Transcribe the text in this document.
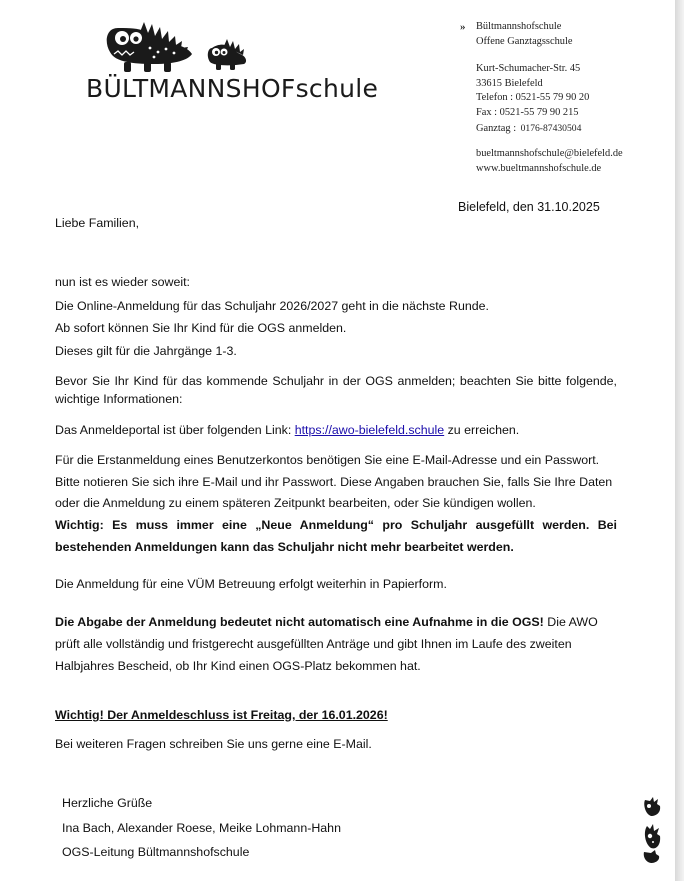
BÜLTMANNSHOFschule
» Bültmannshofschule
Offene Ganztagsschule
Kurt-Schumacher-Str. 45
33615 Bielefeld
Telefon : 0521-55 79 90 20
Fax : 0521-55 79 90 215
Ganztag : 0176-87430504
bueltmannshofschule@bielefeld.de
www.bueltmannshofschule.de
Bielefeld, den 31.10.2025
Liebe Familien,
nun ist es wieder soweit:
Die Online-Anmeldung für das Schuljahr 2026/2027 geht in die nächste Runde.
Ab sofort können Sie Ihr Kind für die OGS anmelden.
Dieses gilt für die Jahrgänge 1-3.
Bevor Sie Ihr Kind für das kommende Schuljahr in der OGS anmelden; beachten Sie bitte folgende, wichtige Informationen:
Das Anmeldeportal ist über folgenden Link: https://awo-bielefeld.schule zu erreichen.
Für die Erstanmeldung eines Benutzerkontos benötigen Sie eine E-Mail-Adresse und ein Passwort.
Bitte notieren Sie sich ihre E-Mail und ihr Passwort. Diese Angaben brauchen Sie, falls Sie Ihre Daten
oder die Anmeldung zu einem späteren Zeitpunkt bearbeiten, oder Sie kündigen wollen.
Wichtig: Es muss immer eine „Neue Anmeldung“ pro Schuljahr ausgefüllt werden. Bei
bestehenden Anmeldungen kann das Schuljahr nicht mehr bearbeitet werden.
Die Anmeldung für eine VÜM Betreuung erfolgt weiterhin in Papierform.
Die Abgabe der Anmeldung bedeutet nicht automatisch eine Aufnahme in die OGS! Die AWO
prüft alle vollständig und fristgerecht ausgefüllten Anträge und gibt Ihnen im Laufe des zweiten
Halbjahres Bescheid, ob Ihr Kind einen OGS-Platz bekommen hat.
Wichtig! Der Anmeldeschluss ist Freitag, der 16.01.2026!
Bei weiteren Fragen schreiben Sie uns gerne eine E-Mail.
Herzliche Grüße
Ina Bach, Alexander Roese, Meike Lohmann-Hahn
OGS-Leitung Bültmannshofschule
